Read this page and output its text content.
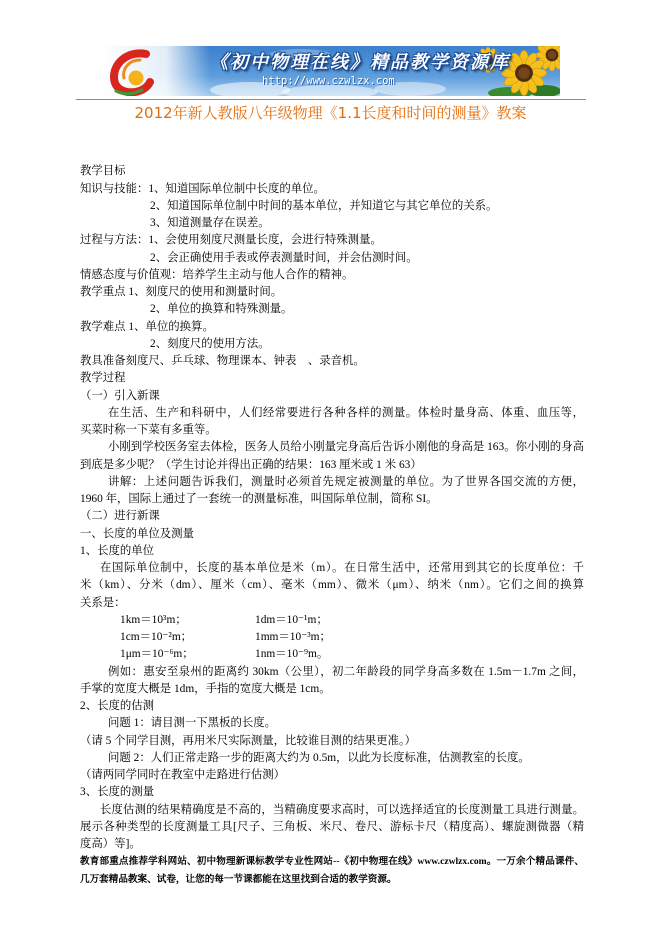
《初中物理在线》精品教学资源库
http://www.czwlzx.com
2012年新人教版八年级物理《1.1长度和时间的测量》教案
教学目标
知识与技能：1、知道国际单位制中长度的单位。
2、知道国际单位制中时间的基本单位，并知道它与其它单位的关系。
3、知道测量存在误差。
过程与方法：1、会使用刻度尺测量长度，会进行特殊测量。
2、会正确使用手表或停表测量时间，并会估测时间。
情感态度与价值观：培养学生主动与他人合作的精神。
教学重点 1、刻度尺的使用和测量时间。
2、单位的换算和特殊测量。
教学难点 1、单位的换算。
2、刻度尺的使用方法。
教具准备刻度尺、乒乓球、物理课本、钟表　、录音机。
教学过程
（一）引入新课
在生活、生产和科研中，人们经常要进行各种各样的测量。体检时量身高、体重、血压等，
买菜时称一下菜有多重等。
小刚到学校医务室去体检，医务人员给小刚量完身高后告诉小刚他的身高是 163。你小刚的身高
到底是多少呢？（学生讨论并得出正确的结果：163 厘米或 1 米 63）
讲解：上述问题告诉我们，测量时必须首先规定被测量的单位。为了世界各国交流的方便，
1960 年，国际上通过了一套统一的测量标准，叫国际单位制，简称 SI。
（二）进行新课
一、长度的单位及测量
1、长度的单位
在国际单位制中，长度的基本单位是米（m）。在日常生活中，还常用到其它的长度单位：千
米（km）、分米（dm）、厘米（cm）、毫米（mm）、微米（μm）、纳米（nm）。它们之间的换算
关系是：
1km＝10³m；	1dm＝10⁻¹m；
1cm＝10⁻²m；	1mm＝10⁻³m；
1μm＝10⁻⁶m；	1nm＝10⁻⁹m。
例如：惠安至泉州的距离约 30km（公里），初二年龄段的同学身高多数在 1.5m－1.7m 之间，
手掌的宽度大概是 1dm，手指的宽度大概是 1cm。
2、长度的估测
问题 1：请目测一下黑板的长度。
（请 5 个同学目测，再用米尺实际测量，比较谁目测的结果更准。）
问题 2：人们正常走路一步的距离大约为 0.5m，以此为长度标准，估测教室的长度。
（请两同学同时在教室中走路进行估测）
3、长度的测量
长度估测的结果精确度是不高的，当精确度要求高时，可以选择适宜的长度测量工具进行测量。
展示各种类型的长度测量工具[尺子、三角板、米尺、卷尺、游标卡尺（精度高）、螺旋测微器（精
度高）等]。
教育部重点推荐学科网站、初中物理新课标教学专业性网站--《初中物理在线》www.czwlzx.com。一万余个精品课件、
几万套精品教案、试卷，让您的每一节课都能在这里找到合适的教学资源。
